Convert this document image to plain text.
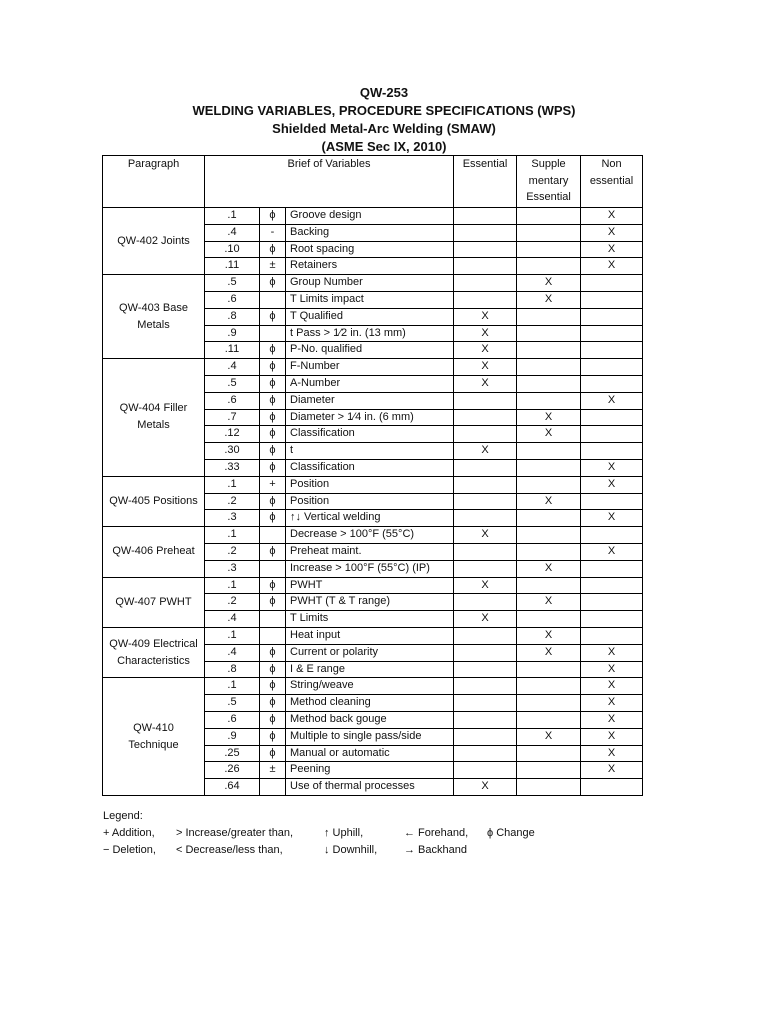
QW-253
WELDING VARIABLES, PROCEDURE SPECIFICATIONS (WPS)
Shielded Metal-Arc Welding (SMAW)
(ASME Sec IX, 2010)
Paragraph	Brief of Variables			Essential	Supple mentary Essential	Non essential
QW-402 Joints	.1	ϕ	Groove design			X
	.4	-	Backing			X
	.10	ϕ	Root spacing			X
	.11	±	Retainers			X
QW-403 Base Metals	.5	ϕ	Group Number		X	
	.6		T Limits impact		X	
	.8	ϕ	T Qualified	X		
	.9		t Pass > 1⁄2 in. (13 mm)	X		
	.11	ϕ	P-No. qualified	X		
QW-404 Filler Metals	.4	ϕ	F-Number	X		
	.5	ϕ	A-Number	X		
	.6	ϕ	Diameter			X
	.7	ϕ	Diameter > 1⁄4 in. (6 mm)		X	
	.12	ϕ	Classification		X	
	.30	ϕ	t	X		
	.33	ϕ	Classification			X
QW-405 Positions	.1	+	Position			X
	.2	ϕ	Position		X	
	.3	ϕ	↑↓ Vertical welding			X
QW-406 Preheat	.1		Decrease > 100°F (55°C)	X		
	.2	ϕ	Preheat maint.			X
	.3		Increase > 100°F (55°C) (IP)		X	
QW-407 PWHT	.1	ϕ	PWHT	X		
	.2	ϕ	PWHT (T & T range)		X	
	.4		T Limits	X		
QW-409 Electrical Characteristics	.1		Heat input		X	
	.4	ϕ	Current or polarity		X	X
	.8	ϕ	I & E range			X
QW-410 Technique	.1	ϕ	String/weave			X
	.5	ϕ	Method cleaning			X
	.6	ϕ	Method back gouge			X
	.9	ϕ	Multiple to single pass/side		X	X
	.25	ϕ	Manual or automatic			X
	.26	±	Peening			X
	.64		Use of thermal processes	X		
Legend:
+ Addition, > Increase/greater than,	↑ Uphill,	← Forehand, ϕ Change
− Deletion, < Decrease/less than,	↓ Downhill, → Backhand
